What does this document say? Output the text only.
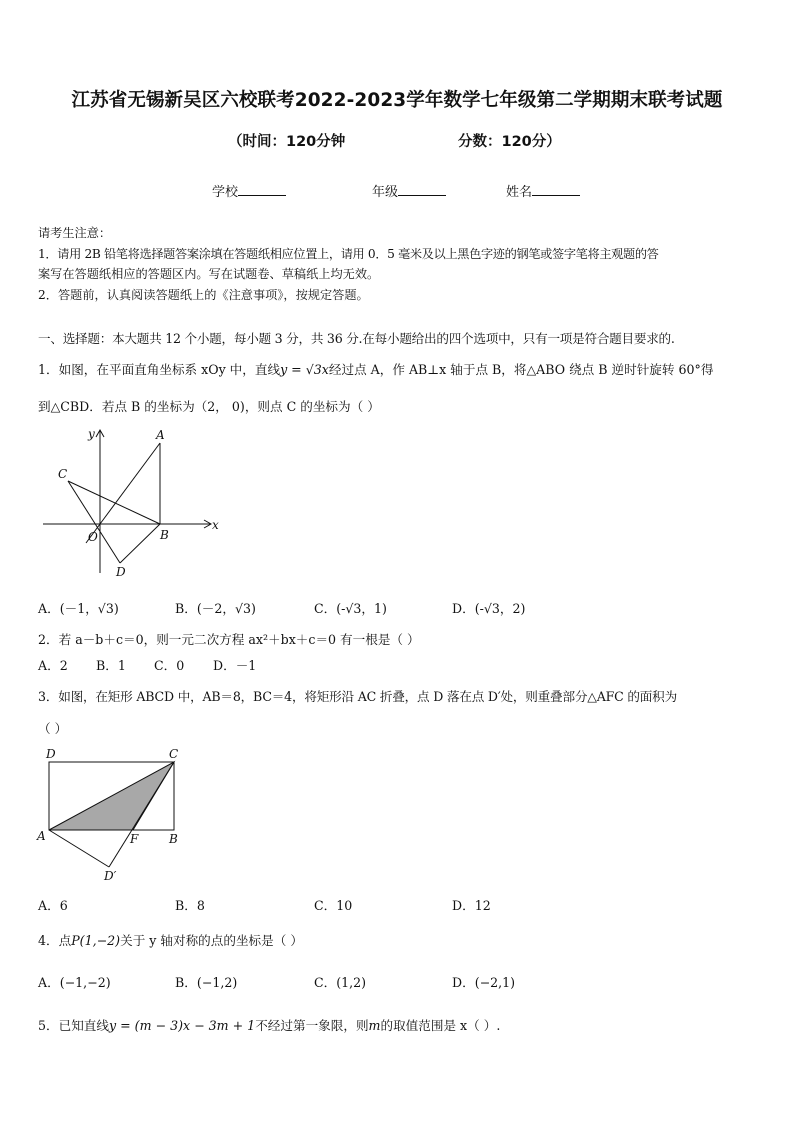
江苏省无锡新吴区六校联考2022-2023学年数学七年级第二学期期末联考试题
（时间：120分钟	分数：120分）
学校	年级	姓名
请考生注意：
1．请用 2B 铅笔将选择题答案涂填在答题纸相应位置上，请用 0．5 毫米及以上黑色字迹的钢笔或签字笔将主观题的答
案写在答题纸相应的答题区内。写在试题卷、草稿纸上均无效。
2．答题前，认真阅读答题纸上的《注意事项》，按规定答题。
一、选择题：本大题共 12 个小题，每小题 3 分，共 36 分.在每小题给出的四个选项中，只有一项是符合题目要求的.
1．如图，在平面直角坐标系 xOy 中，直线y = √3x经过点 A，作 AB⊥x 轴于点 B，将△ABO 绕点 B 逆时针旋转 60°得
到△CBD．若点 B 的坐标为（2， 0)，则点 C 的坐标为（ ）
y	A
C
x
O	B
D
A．(－1，√3)	B．(－2，√3)	C．(-√3，1)	D．(-√3，2)
2．若 a－b＋c＝0，则一元二次方程 ax²＋bx＋c＝0 有一根是（ ）
A．2 B．1 C．0 D．－1
3．如图，在矩形 ABCD 中，AB＝8，BC＝4，将矩形沿 AC 折叠，点 D 落在点 D′处，则重叠部分△AFC 的面积为
（ ）
D	C
A	F	B
D′
A．6	B．8	C．10	D．12
4．点P(1,−2)关于 y 轴对称的点的坐标是（ ）
A．(−1,−2)	B．(−1,2)	C．(1,2)	D．(−2,1)
5．已知直线y = (m − 3)x − 3m + 1不经过第一象限，则m的取值范围是 x（ ）.
